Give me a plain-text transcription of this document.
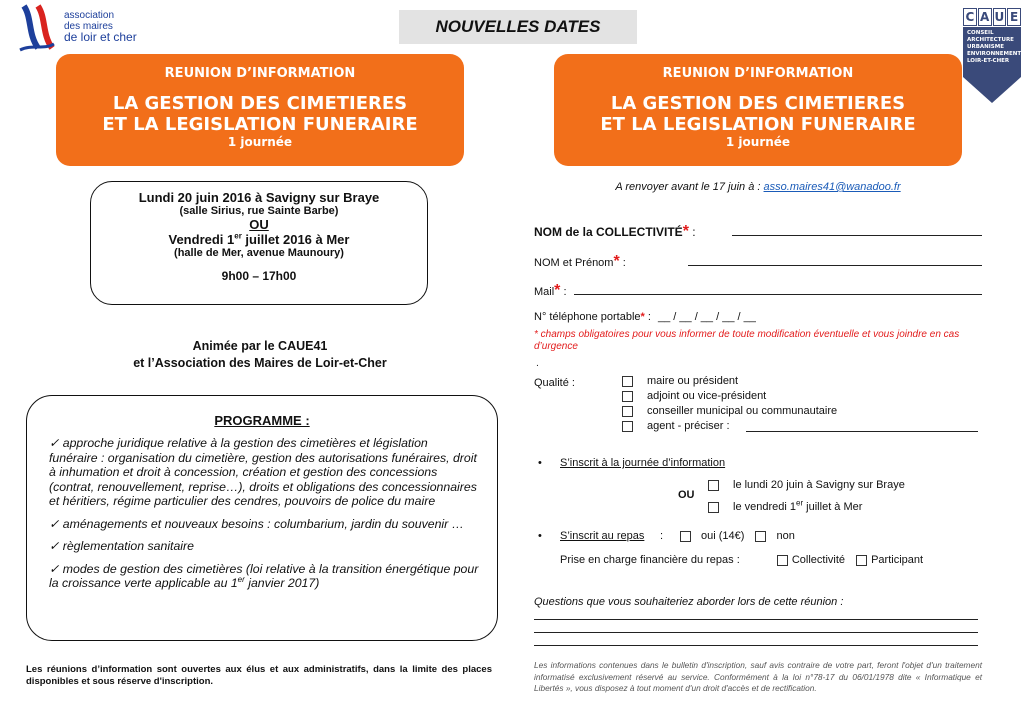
association
des maires
de loir et cher
NOUVELLES DATES	C A U E
CONSEIL
ARCHITECTURE
URBANISME
ENVIRONNEMENT
LOIR-ET-CHER
REUNION D’INFORMATION
LA GESTION DES CIMETIERES
ET LA LEGISLATION FUNERAIRE
1 journée
REUNION D’INFORMATION
LA GESTION DES CIMETIERES
ET LA LEGISLATION FUNERAIRE
1 journée
Lundi 20 juin 2016 à Savigny sur Braye
(salle Sirius, rue Sainte Barbe)
OU
Vendredi 1er juillet 2016 à Mer
(halle de Mer, avenue Maunoury)
9h00 – 17h00
Animée par le CAUE41
et l’Association des Maires de Loir-et-Cher
PROGRAMME :

✓ approche juridique relative à la gestion des cimetières et législation funéraire : organisation du cimetière, gestion des autorisations funéraires, droit à inhumation et droit à concession, création et gestion des concessions (contrat, renouvellement, reprise…), droits et obligations des concessionnaires et héritiers, régime particulier des cendres, pouvoirs de police du maire

✓ aménagements et nouveaux besoins : columbarium, jardin du souvenir …

✓ règlementation sanitaire

✓ modes de gestion des cimetières (loi relative à la transition énergétique pour la croissance verte applicable au 1er janvier 2017)

Les réunions d’information sont ouvertes aux élus et aux administratifs, dans la limite des places disponibles et sous réserve d'inscription.
A renvoyer avant le 17 juin à : asso.maires41@wanadoo.fr
NOM de la COLLECTIVITÉ* :
NOM et Prénom* :
Mail* :
N° téléphone portable* : __ / __ / __ / __ / __
* champs obligatoires pour vous informer de toute modification éventuelle et vous joindre en cas d’urgence
.
Qualité :	maire ou président
adjoint ou vice-président
conseiller municipal ou communautaire
agent - préciser :
• S’inscrit à la journée d’information
OU
le lundi 20 juin à Savigny sur Braye
le vendredi 1er juillet à Mer
• S’inscrit au repas :	oui (14€)	non
Prise en charge financière du repas :	Collectivité Participant
Questions que vous souhaiteriez aborder lors de cette réunion :
Les informations contenues dans le bulletin d'inscription, sauf avis contraire de votre part, feront l'objet d'un traitement informatisé exclusivement réservé au service. Conformément à la loi n°78-17 du 06/01/1978 dite « Informatique et Libertés », vous disposez à tout moment d'un droit d'accès et de rectification.
